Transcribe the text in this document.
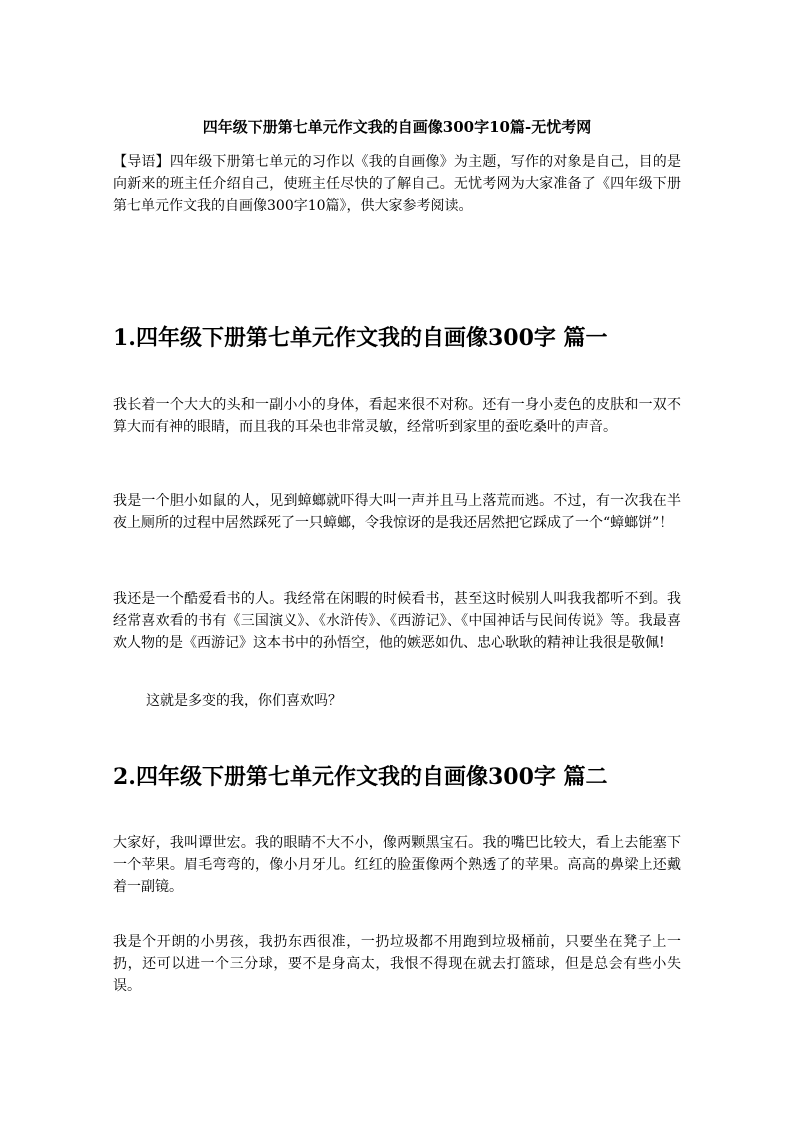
四年级下册第七单元作文我的自画像300字10篇-无忧考网

【导语】四年级下册第七单元的习作以《我的自画像》为主题，写作的对象是自己，目的是向新来的班主任介绍自己，使班主任尽快的了解自己。无忧考网为大家准备了《四年级下册第七单元作文我的自画像300字10篇》，供大家参考阅读。

1.四年级下册第七单元作文我的自画像300字 篇一

我长着一个大大的头和一副小小的身体，看起来很不对称。还有一身小麦色的皮肤和一双不算大而有神的眼睛，而且我的耳朵也非常灵敏，经常听到家里的蚕吃桑叶的声音。

我是一个胆小如鼠的人，见到蟑螂就吓得大叫一声并且马上落荒而逃。不过，有一次我在半夜上厕所的过程中居然踩死了一只蟑螂，令我惊讶的是我还居然把它踩成了一个“蟑螂饼”！

我还是一个酷爱看书的人。我经常在闲暇的时候看书，甚至这时候别人叫我我都听不到。我经常喜欢看的书有《三国演义》、《水浒传》、《西游记》、《中国神话与民间传说》等。我最喜欢人物的是《西游记》这本书中的孙悟空，他的嫉恶如仇、忠心耿耿的精神让我很是敬佩!

这就是多变的我，你们喜欢吗？

2.四年级下册第七单元作文我的自画像300字 篇二

大家好，我叫谭世宏。我的眼睛不大不小，像两颗黑宝石。我的嘴巴比较大，看上去能塞下一个苹果。眉毛弯弯的，像小月牙儿。红红的脸蛋像两个熟透了的苹果。高高的鼻梁上还戴着一副镜。

我是个开朗的小男孩，我扔东西很准，一扔垃圾都不用跑到垃圾桶前，只要坐在凳子上一扔，还可以进一个三分球，要不是身高太，我恨不得现在就去打篮球，但是总会有些小失误。
